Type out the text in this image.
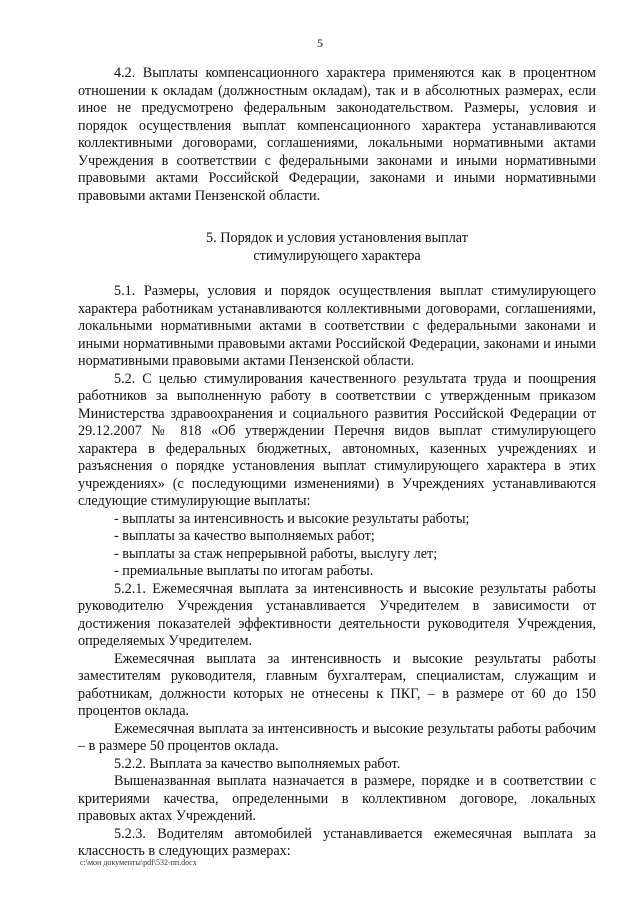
5

4.2. Выплаты компенсационного характера применяются как в процентном отношении к окладам (должностным окладам), так и в абсолютных размерах, если иное не предусмотрено федеральным законодательством. Размеры, условия и порядок осуществления выплат компенсационного характера устанавливаются коллективными договорами, соглашениями, локальными нормативными актами Учреждения в соответствии с федеральными законами и иными нормативными правовыми актами Российской Федерации, законами и иными нормативными правовыми актами Пензенской области.

5. Порядок и условия установления выплат
стимулирующего характера

5.1. Размеры, условия и порядок осуществления выплат стимулирующего характера работникам устанавливаются коллективными договорами, соглашениями, локальными нормативными актами в соответствии с федеральными законами и иными нормативными правовыми актами Российской Федерации, законами и иными нормативными правовыми актами Пензенской области.

5.2. С целью стимулирования качественного результата труда и поощрения работников за выполненную работу в соответствии с утвержденным приказом Министерства здравоохранения и социального развития Российской Федерации от 29.12.2007 № 818 «Об утверждении Перечня видов выплат стимулирующего характера в федеральных бюджетных, автономных, казенных учреждениях и разъяснения о порядке установления выплат стимулирующего характера в этих учреждениях» (с последующими изменениями) в Учреждениях устанавливаются следующие стимулирующие выплаты:

- выплаты за интенсивность и высокие результаты работы;

- выплаты за качество выполняемых работ;

- выплаты за стаж непрерывной работы, выслугу лет;

- премиальные выплаты по итогам работы.

5.2.1. Ежемесячная выплата за интенсивность и высокие результаты работы руководителю Учреждения устанавливается Учредителем в зависимости от достижения показателей эффективности деятельности руководителя Учреждения, определяемых Учредителем.

Ежемесячная выплата за интенсивность и высокие результаты работы заместителям руководителя, главным бухгалтерам, специалистам, служащим и работникам, должности которых не отнесены к ПКГ, – в размере от 60 до 150 процентов оклада.

Ежемесячная выплата за интенсивность и высокие результаты работы рабочим – в размере 50 процентов оклада.

5.2.2. Выплата за качество выполняемых работ.

Вышеназванная выплата назначается в размере, порядке и в соответствии с критериями качества, определенными в коллективном договоре, локальных правовых актах Учреждений.

5.2.3. Водителям автомобилей устанавливается ежемесячная выплата за классность в следующих размерах:

c:\мои документы\pdf\532-пп.docx
